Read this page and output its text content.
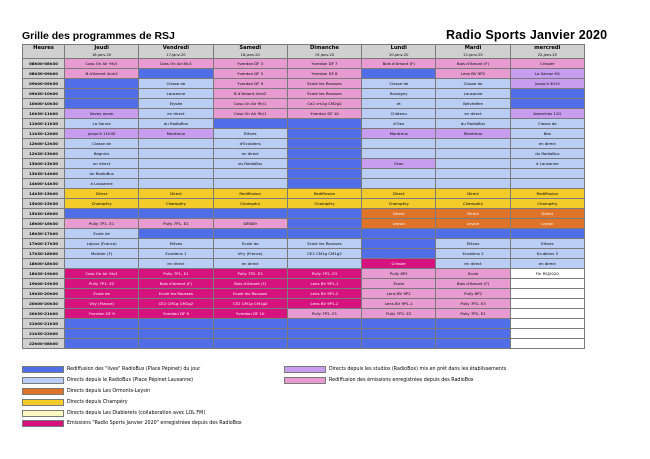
Grille des programmes de RSJ	Radio Sports Janvier 2020
Heures	Jeudi	Vendredi	Samedi	Dimanche	Lundi	Mardi	mercredi
	16-janv-20	17-janv-20	18-janv-20	19-janv-20	20-janv-20	21-janv-20	22-janv-20
08h00-08h30	Coss On Air 9h/1	Coss On Air 8h/1	Yverdon DF 3	Yverdon DF 7	Bois d'Amont (F)	Bois d'Amont (F)	Crissier
08h30-09h00	B d'Amont 4cm2		Yverdon DF 5	Yverdon DF 8		Lens BV 9P2	La Sarraz 9G
09h00-09h30		Classe de	Yverdon DF 9	Ecole les Rousses	Classe de	Classe de	jusqu'à 9h15
09h30-10h00		Lausanne	B d'Amont 4cm2	Ecole les Rousses	Bussigny	Lausanne	
10h00-10h30		Elysée	Coss On Air 9h/1	Ce2 cm1g CM2g2	et	Belvédère	
10h30-11h00	Vevey ocom	en direct	Coss On Air 9h/1	Yverdon DF 10	Château	en direct	Avenches 11G
11h00-11h30	La Sarraz	du RadioBus			d'Oex	du RadioBus	Classe de
11h30-12h00	jusqu'à 11h45	Montreux	Elèves		Montreux	Montreux	Bex
12h00-12h30	Classe de		d'Ecublens				en direct
12h30-13h00	Begnins		en direct				du RadioBus
13h00-13h30	en direct		du RadioBus		Oron		à Lausanne
13h30-14h00	du RadioBus						
14h00-14h30	à Lausanne						
14h30-15h00	Direct	Direct	Rediffusion	Rediffusion	Direct	Direct	Rediffusion
15h00-15h30	Champéry	Champéry	Champéry	Champéry	Champéry	Champéry	Champéry
15h30-16h00					Direct	Direct	Direct
16h00-16h30	Pully 7P1- E1	Pully 7P1- E2	DEN09		Leysin	Leysin	Leysin
16h30-17h00	Ecole de						
17h00-17h30	Lajoux (France)	Elèves	Ecole de	Ecole les Rousses		Elèves	Elèves
17h30-18h00	Morbier (F)	Ecublens 1	Viry (France)	CE2 CM1g CM1g2		Ecublens 2	Ecublens 3
18h00-18h30		en direct	en direct		Crissier	en direct	en direct
18h30-19h00	Coss On Air 9h/1	Pully 7P1- E1	Pully 7P2- E2	Pully 7P2- E3	Pully 8P2	Ecole	Fin RSJ2020
19h00-19h30	Pully 7P1- E2	Bois d'Amont (F)	Bois d'Amont (F)	Lens BV 9P1-1	Ecole	Bois d'Amont (F)	
19h30-20h00	Ecole de	Ecole les Rousses	Ecole les Rousses	Lens BV 9P1-2	Lens BV 9P2	Pully 8P2	
20h00-20h30	Viry (France)	CE2 CM1g CM1g2	CE2 CM1g CM1g2	Lens BV 9P1-2	Lens BV 9P1-1	Pully 7P2- E3	
20h30-21h00	Yverdon DF 9	Yverdon DF 9	Yverdon DF 10	Pully 7P2- E1	Pully 7P2- E2	Pully 7P2- E1	
21h00-21h30							
21h30-22h00							
22h00-08h00							
Rediffusion des "lives" RadioBus (Place Pépinet) du jour
Directs depuis le RadioBus (Place Pépinet Lausanne)
Directs depuis Les Ormonts-Leysin
Directs depuis Champéry
Directs depuis Les Diablerets (collaboration avec LOL FM)
Emissions "Radio Sports Janvier 2020" enregistrées depuis des RadioBox
Directs depuis les studios (RadioBox) mis en prêt dans les établissements
Rediffusion des émissions enregistrées depuis des RadioBox
